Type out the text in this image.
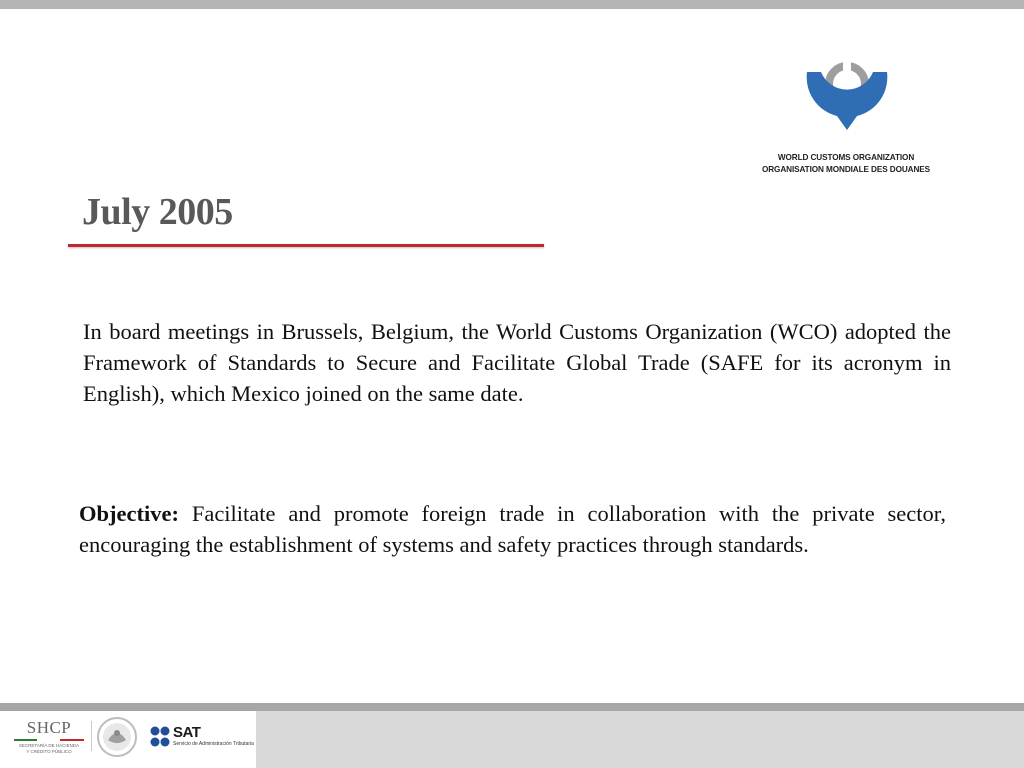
WORLD CUSTOMS ORGANIZATION
ORGANISATION MONDIALE DES DOUANES
July 2005

In board meetings in Brussels, Belgium, the World Customs Organization (WCO) adopted the Framework of Standards to Secure and Facilitate Global Trade (SAFE for its acronym in English), which Mexico joined on the same date.

Objective: Facilitate and promote foreign trade in collaboration with the private sector, encouraging the establishment of systems and safety practices through standards.

SHCP
SECRETARÍA DE HACIENDA
Y CRÉDITO PÚBLICO
SAT
Servicio de Administración Tributaria
